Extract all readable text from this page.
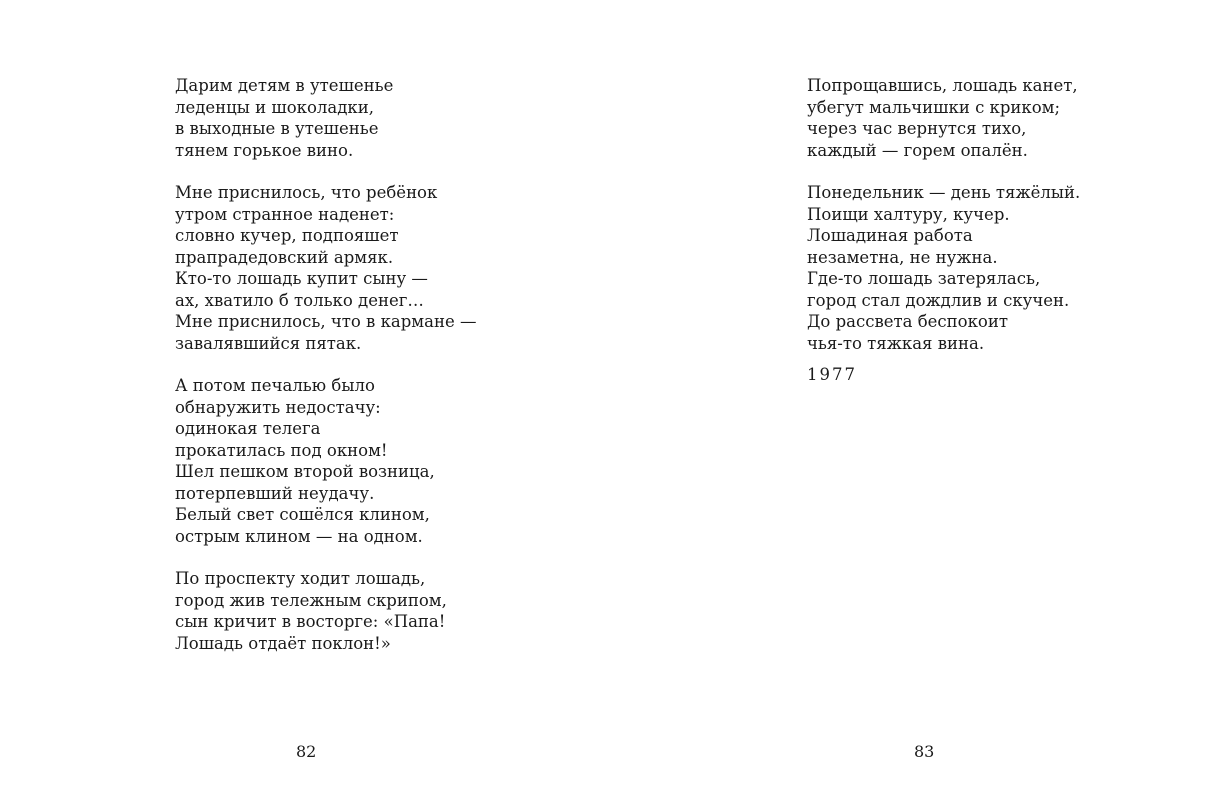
Дарим детям в утешенье
леденцы и шоколадки,
в выходные в утешенье
тянем горькое вино.
Мне приснилось, что ребёнок
утром странное наденет:
словно кучер, подпояшет
прапрадедовский армяк.
Кто-то лошадь купит сыну —
ах, хватило б только денег…
Мне приснилось, что в кармане —
завалявшийся пятак.
А потом печалью было
обнаружить недостачу:
одинокая телега
прокатилась под окном!
Шел пешком второй возница,
потерпевший неудачу.
Белый свет сошёлся клином,
острым клином — на одном.
По проспекту ходит лошадь,
город жив тележным скрипом,
сын кричит в восторге: «Папа!
Лошадь отдаёт поклон!»
82
Попрощавшись, лошадь канет,
убегут мальчишки с криком;
через час вернутся тихо,
каждый — горем опалён.
Понедельник — день тяжёлый.
Поищи халтуру, кучер.
Лошадиная работа
незаметна, не нужна.
Где-то лошадь затерялась,
город стал дождлив и скучен.
До рассвета беспокоит
чья-то тяжкая вина.
1977
83
